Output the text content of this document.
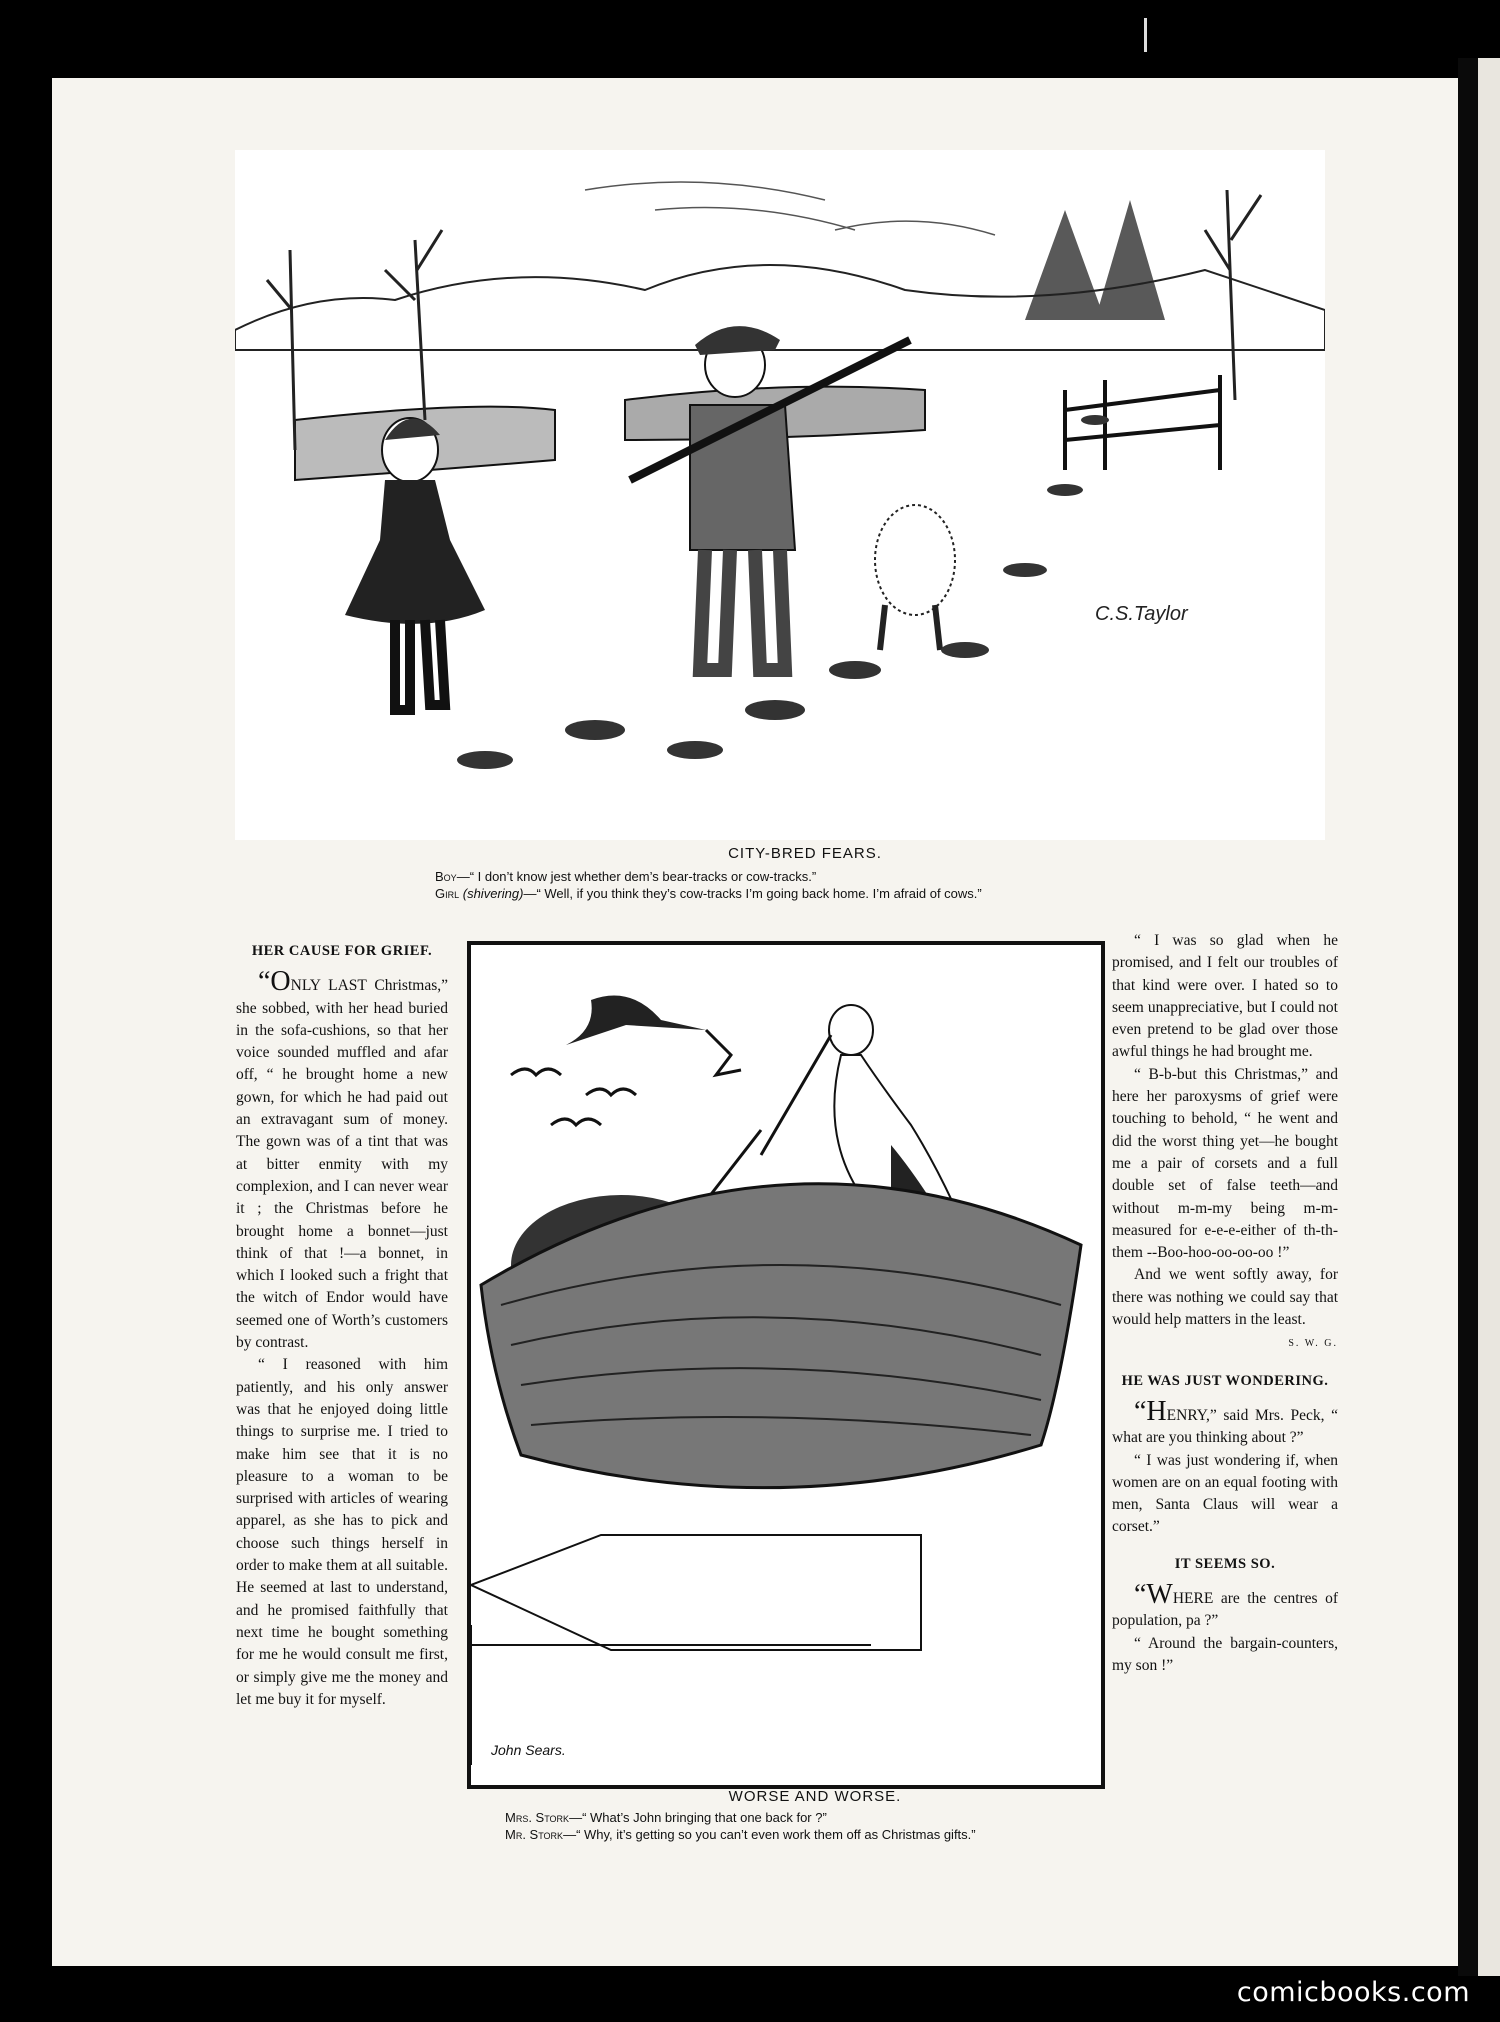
C.S.Taylor
CITY-BRED FEARS.
Boy—“ I don’t know jest whether dem’s bear-tracks or cow-tracks.”
Girl (shivering)—“ Well, if you think they’s cow-tracks I’m going back home. I’m afraid of cows.”
HER CAUSE FOR GRIEF.

“ONLY LAST Christmas,” she sobbed, with her head buried in the sofa-cushions, so that her voice sounded muffled and afar off, “ he brought home a new gown, for which he had paid out an extravagant sum of money. The gown was of a tint that was at bitter enmity with my complexion, and I can never wear it ; the Christmas before he brought home a bonnet—just think of that !—a bonnet, in which I looked such a fright that the witch of Endor would have seemed one of Worth’s customers by contrast.

“ I reasoned with him patiently, and his only answer was that he enjoyed doing little things to surprise me. I tried to make him see that it is no pleasure to a woman to be surprised with articles of wearing apparel, as she has to pick and choose such things herself in order to make them at all suitable. He seemed at last to understand, and he promised faithfully that next time he bought something for me he would consult me first, or simply give me the money and let me buy it for myself.

John Sears.
WORSE AND WORSE.
Mrs. Stork—“ What’s John bringing that one back for ?”
Mr. Stork—“ Why, it’s getting so you can’t even work them off as Christmas gifts.”

“ I was so glad when he promised, and I felt our troubles of that kind were over. I hated so to seem unappreciative, but I could not even pretend to be glad over those awful things he had brought me.

“ B-b-but this Christmas,” and here her paroxysms of grief were touching to behold, “ he went and did the worst thing yet—he bought me a pair of corsets and a full double set of false teeth—and without m-m-my being m-m-measured for e-e-e-either of th-th-them --Boo-hoo-oo-oo-oo !”

And we went softly away, for there was nothing we could say that would help matters in the least.

S. W. G.
HE WAS JUST WONDERING.

“HENRY,” said Mrs. Peck, “ what are you thinking about ?”

“ I was just wondering if, when women are on an equal footing with men, Santa Claus will wear a corset.”

IT SEEMS SO.

“WHERE are the centres of population, pa ?”

“ Around the bargain-counters, my son !”

comicbooks.com
